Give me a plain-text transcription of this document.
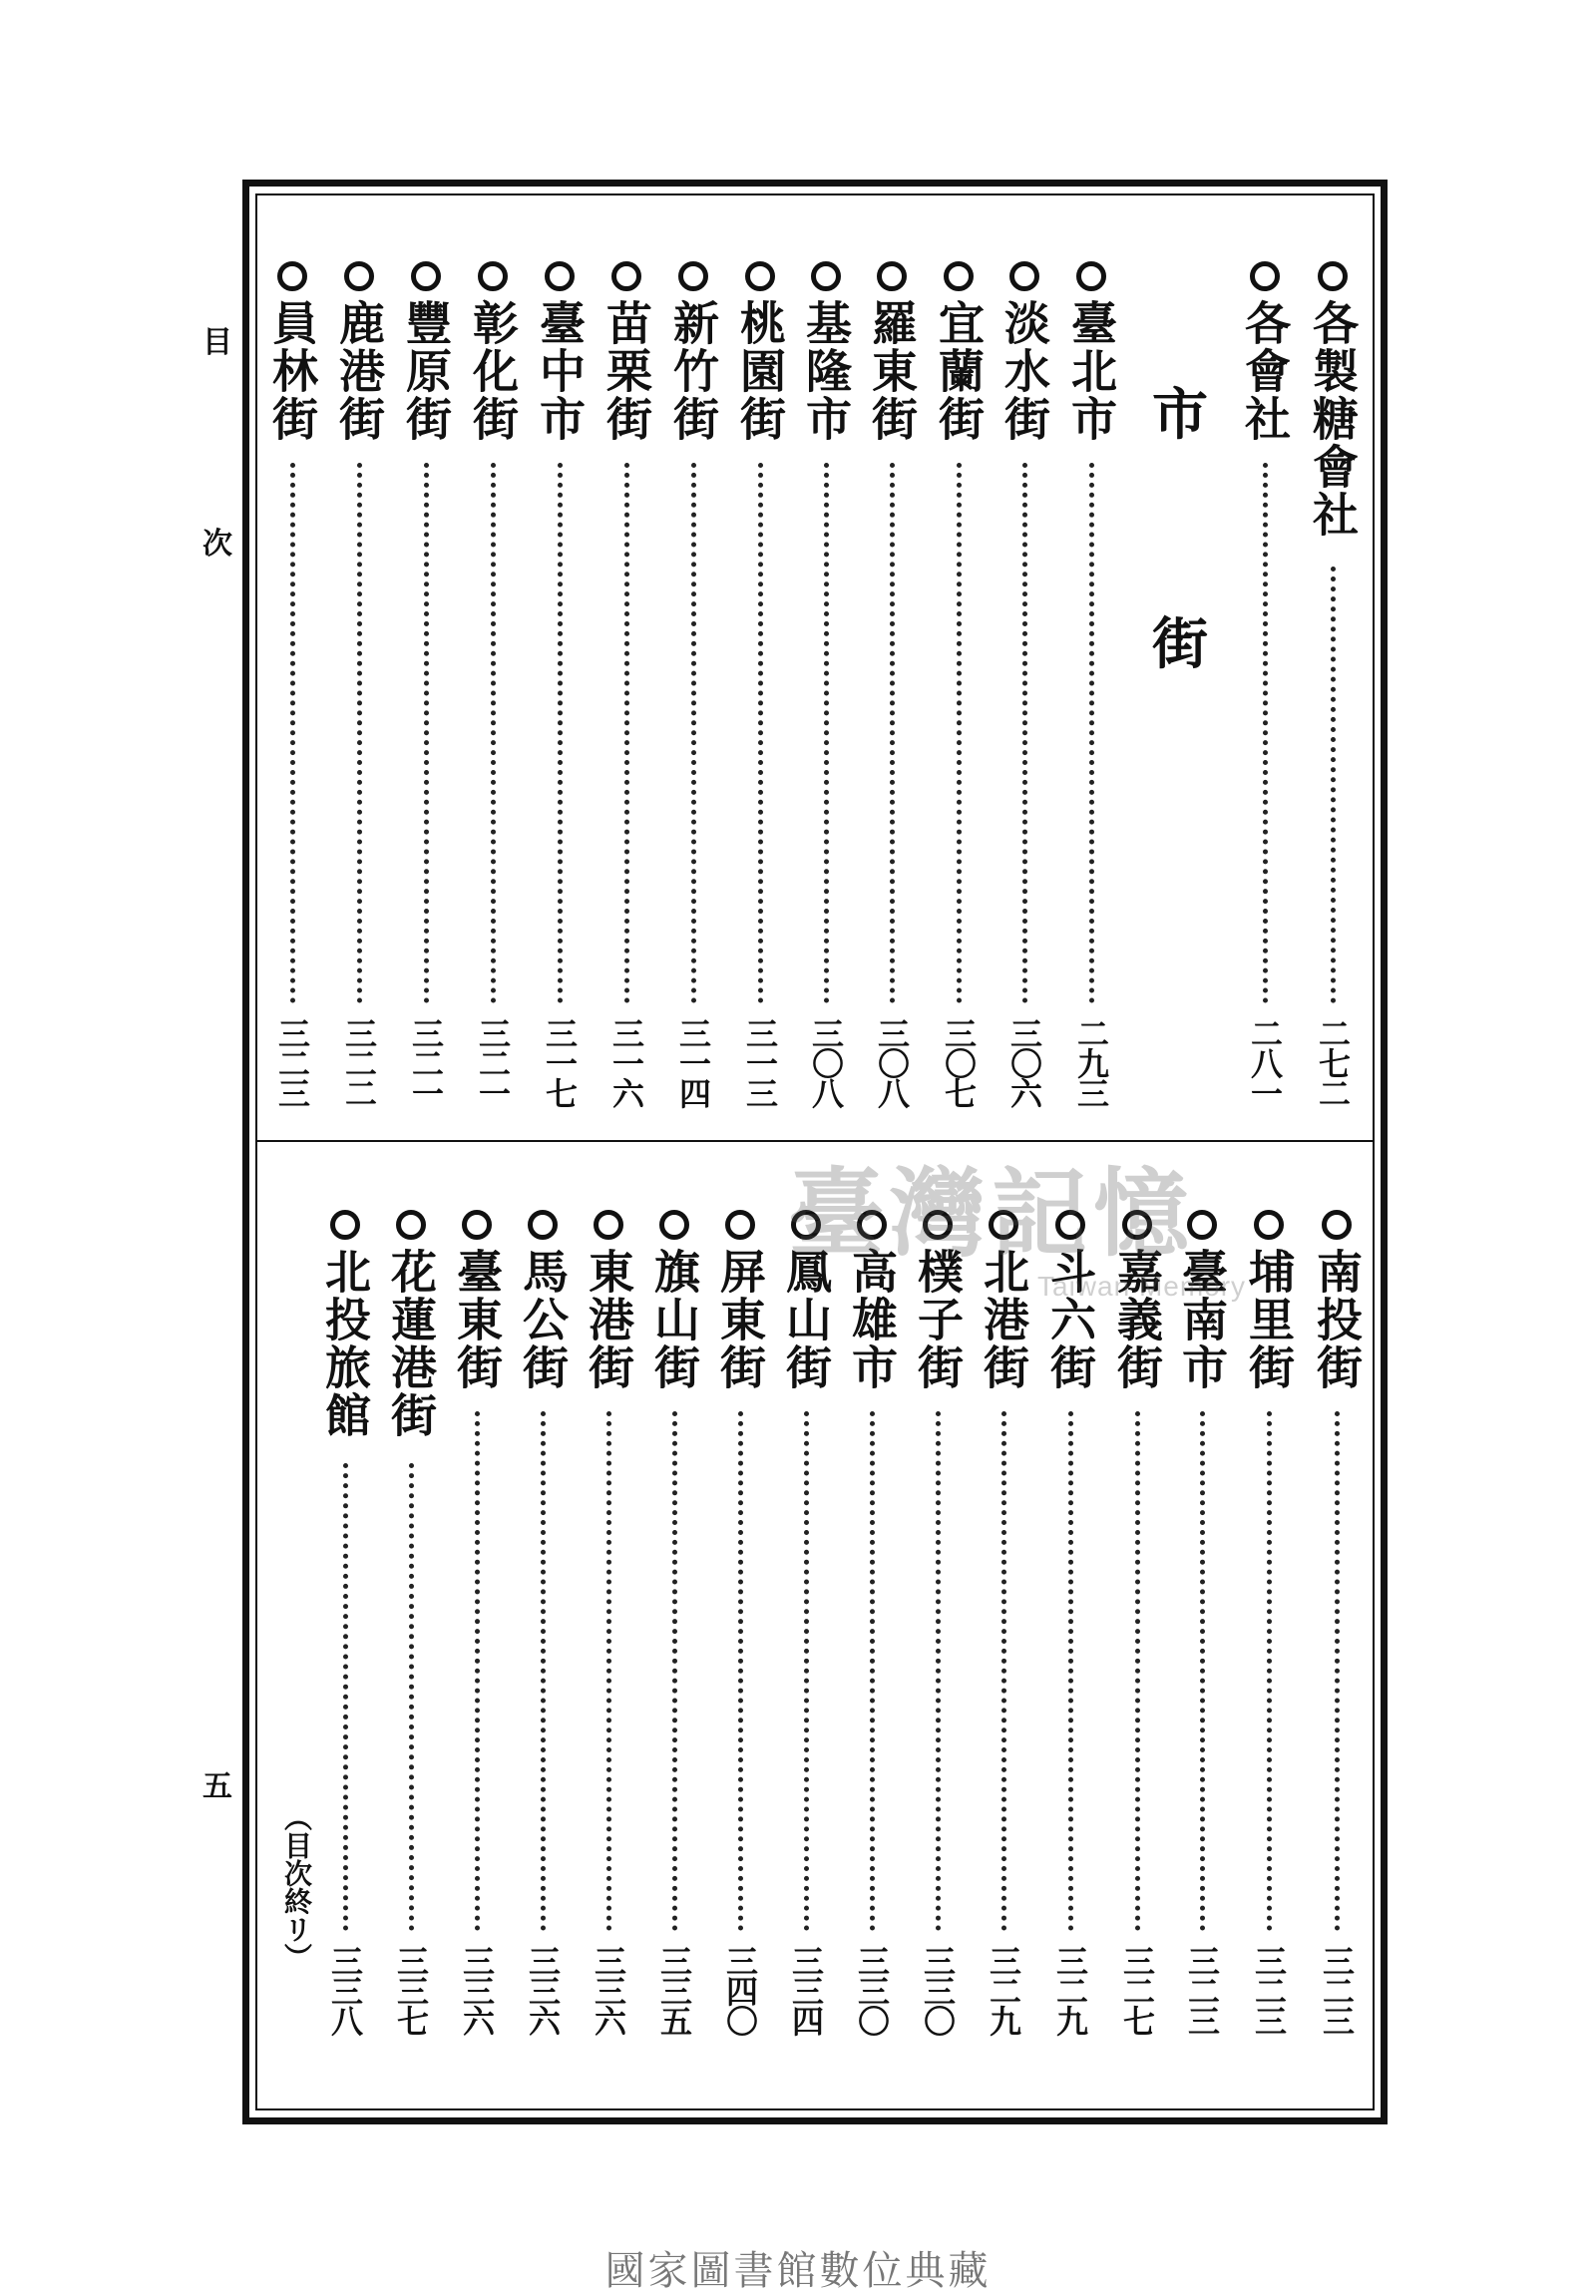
目
次
五
市
街
各製糖會社
二七二
各會社
二八一
臺北市
二九三
淡水街
三〇六
宜蘭街
三〇七
羅東街
三〇八
基隆市
三〇八
桃園街
三一三
新竹街
三一四
苗栗街
三一六
臺中市
三一七
彰化街
三二一
豐原街
三二一
鹿港街
三二二
員林街
三二三
南投街
三二三
埔里街
三二三
臺南市
三二三
嘉義街
三二七
斗六街
三二九
北港街
三二九
樸子街
三三〇
高雄市
三三〇
鳳山街
三三四
屏東街
三四〇
旗山街
三三五
東港街
三三六
馬公街
三三六
臺東街
三三六
花蓮港街
三三七
北投旅館
三三八
（目次終リ）
臺灣記憶
Taiwan Memory
國家圖書館數位典藏
